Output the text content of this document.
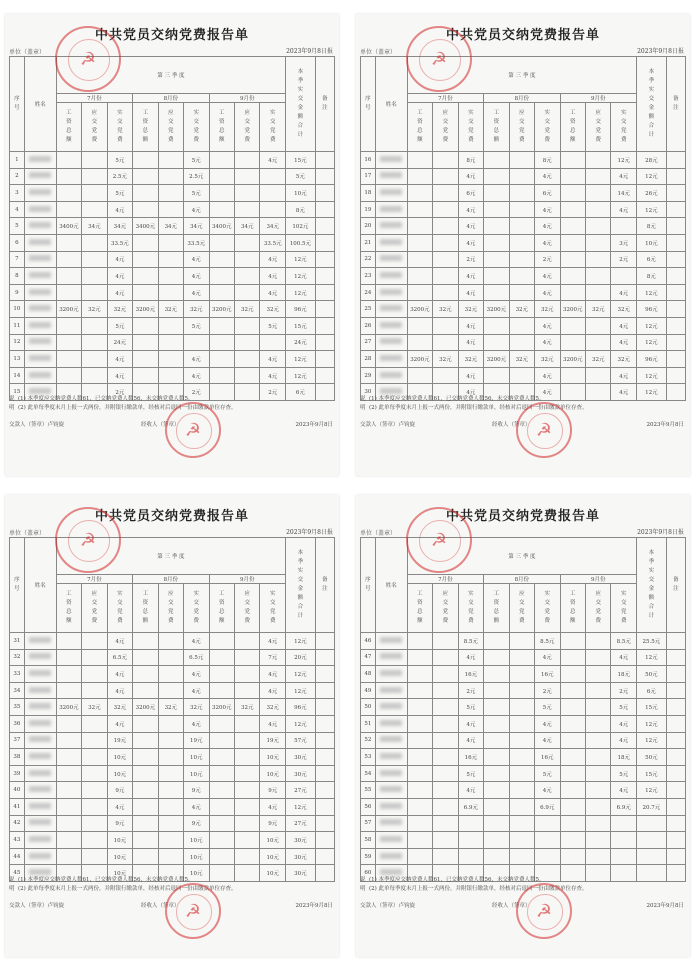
中共党员交纳党费报告单
单位（盖章）	2023年9月8日报
序号	姓名	第 三 季 度									本季实交金额合计	备注
		7月份			8月份			9月份				
		工资总额	应交党费	实交党费	工资总额	应交党费	实交党费	工资总额	应交党费	实交党费		
1				5元			5元			4元	15元	
2				2.5元			2.5元				5元	
3				5元			5元				10元	
4				4元			4元				8元	
5		3400元	34元	34元	3400元	34元	34元	3400元	34元	34元	102元	
6				33.5元			33.5元			33.5元	100.5元	
7				4元			4元			4元	12元	
8				4元			4元			4元	12元	
9				4元			4元			4元	12元	
10		3200元	32元	32元	3200元	32元	32元	3200元	32元	32元	96元	
11				5元			5元			5元	15元	
12				24元							24元	
13				4元			4元			4元	12元	
14				4元			4元			4元	12元	
15				2元			2元			2元	6元	
说 (1) 本季度应交纳党费人数61，已交纳党费人数56，未交纳党费人数5。
明 (2) 此单每季度末月上报一式两份，并附银行缴款单，经核对后退回一份由缴款单位存查。
交款人（签章）卢钧旋	经收人（签章）	2023年9月8日
☭
☭
中共党员交纳党费报告单
单位（盖章）	2023年9月8日报
序号	姓名	第 三 季 度									本季实交金额合计	备注
		7月份			8月份			9月份				
		工资总额	应交党费	实交党费	工资总额	应交党费	实交党费	工资总额	应交党费	实交党费		
16				8元			8元			12元	28元	
17				4元			4元			4元	12元	
18				6元			6元			14元	26元	
19				4元			4元			4元	12元	
20				4元			4元				8元	
21				4元			4元			3元	10元	
22				2元			2元			2元	6元	
23				4元			4元				8元	
24				4元			4元			4元	12元	
25		3200元	32元	32元	3200元	32元	32元	3200元	32元	32元	96元	
26				4元			4元			4元	12元	
27				4元			4元			4元	12元	
28		3200元	32元	32元	3200元	32元	32元	3200元	32元	32元	96元	
29				4元			4元			4元	12元	
30				4元			4元			4元	12元	
说 (1) 本季度应交纳党费人数61，已交纳党费人数56，未交纳党费人数5。
明 (2) 此单每季度末月上报一式两份，并附银行缴款单，经核对后退回一份由缴款单位存查。
交款人（签章）卢钧旋	经收人（签章）	2023年9月8日
☭
☭
中共党员交纳党费报告单
单位（盖章）	2023年9月8日报
序号	姓名	第 三 季 度									本季实交金额合计	备注
		7月份			8月份			9月份				
		工资总额	应交党费	实交党费	工资总额	应交党费	实交党费	工资总额	应交党费	实交党费		
31				4元			4元			4元	12元	
32				6.5元			6.5元			7元	20元	
33				4元			4元			4元	12元	
34				4元			4元			4元	12元	
35		3200元	32元	32元	3200元	32元	32元	3200元	32元	32元	96元	
36				4元			4元			4元	12元	
37				19元			19元			19元	57元	
38				10元			10元			10元	30元	
39				10元			10元			10元	30元	
40				9元			9元			9元	27元	
41				4元			4元			4元	12元	
42				9元			9元			9元	27元	
43				10元			10元			10元	30元	
44				10元			10元			10元	30元	
45				10元			10元			10元	30元	
说 (1) 本季度应交纳党费人数61，已交纳党费人数56，未交纳党费人数5。
明 (2) 此单每季度末月上报一式两份，并附银行缴款单，经核对后退回一份由缴款单位存查。
交款人（签章）卢钧旋	经收人（签章）	2023年9月8日
☭
☭
中共党员交纳党费报告单
单位（盖章）	2023年9月8日报
序号	姓名	第 三 季 度									本季实交金额合计	备注
		7月份			8月份			9月份				
		工资总额	应交党费	实交党费	工资总额	应交党费	实交党费	工资总额	应交党费	实交党费		
46				8.5元			8.5元			8.5元	25.5元	
47				4元			4元			4元	12元	
48				16元			16元			18元	50元	
49				2元			2元			2元	6元	
50				5元			5元			5元	15元	
51				4元			4元			4元	12元	
52				4元			4元			4元	12元	
53				16元			16元			18元	50元	
54				5元			5元			5元	15元	
55				4元			4元			4元	12元	
56				6.9元			6.9元			6.9元	20.7元	
57												
58												
59												
60												
说 (1) 本季度应交纳党费人数61，已交纳党费人数56，未交纳党费人数5。
明 (2) 此单每季度末月上报一式两份，并附银行缴款单，经核对后退回一份由缴款单位存查。
交款人（签章）卢钧旋	经收人（签章）	2023年9月8日
☭
☭
